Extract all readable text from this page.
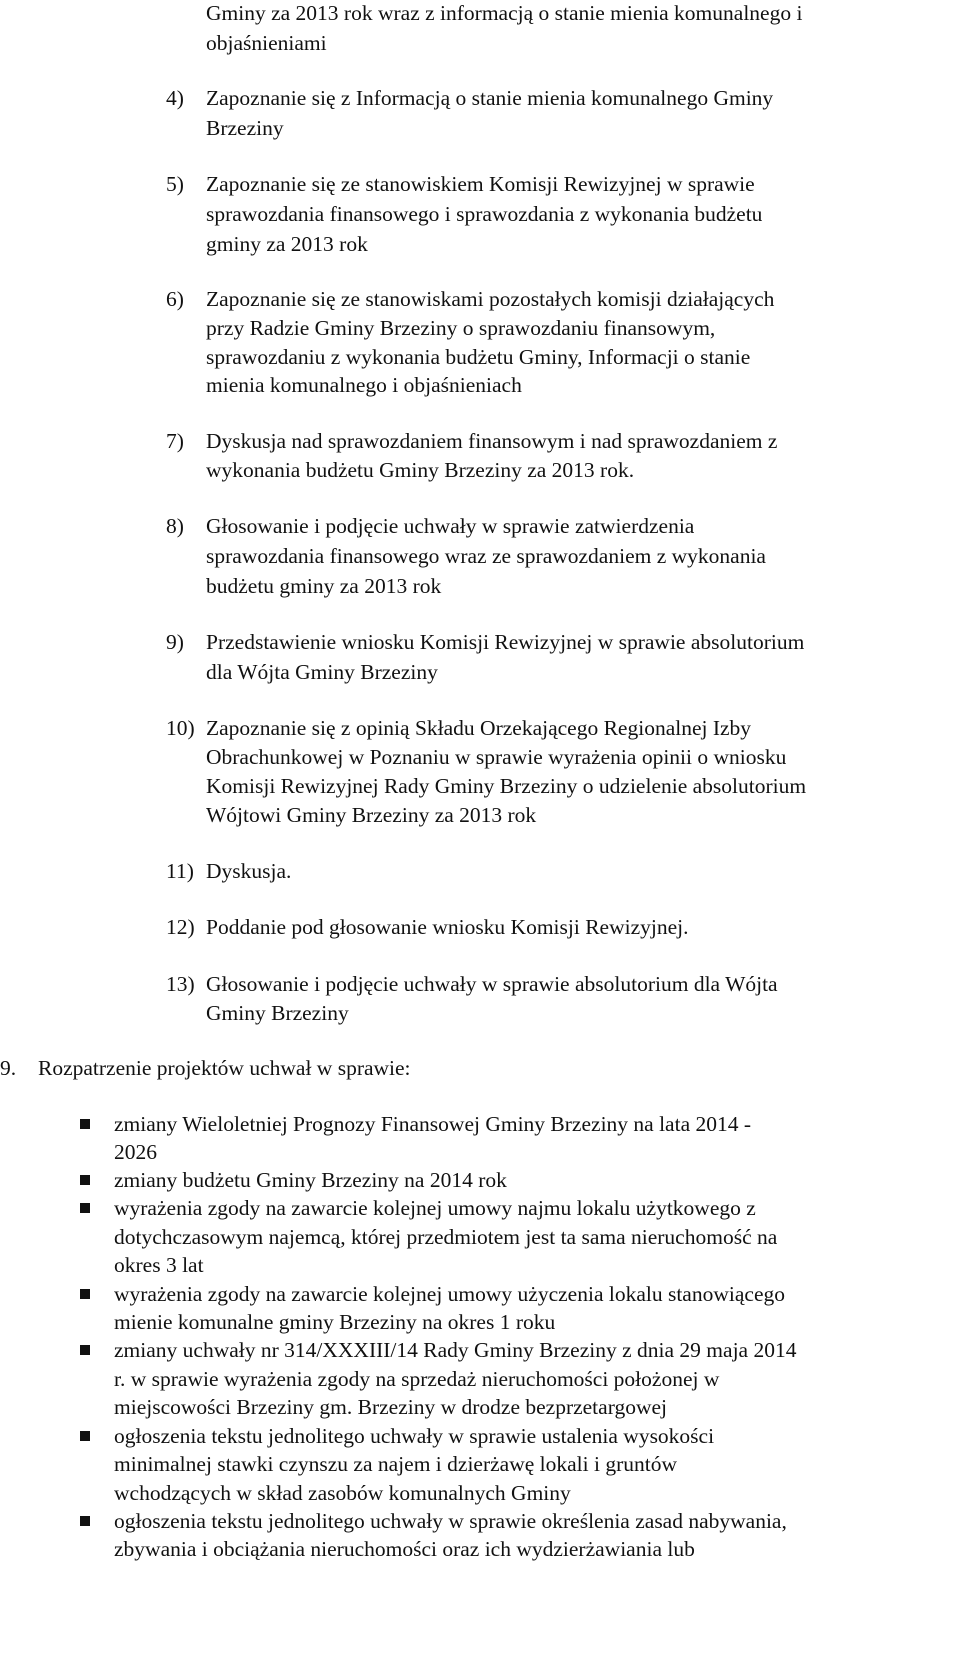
Gminy za 2013 rok wraz z informacją o stanie mienia komunalnego i
objaśnieniami
4) Zapoznanie się z Informacją o stanie mienia komunalnego Gminy
Brzeziny
5) Zapoznanie się ze stanowiskiem Komisji Rewizyjnej w sprawie
sprawozdania finansowego i sprawozdania z wykonania budżetu
gminy za 2013 rok
6) Zapoznanie się ze stanowiskami pozostałych komisji działających
przy Radzie Gminy Brzeziny o sprawozdaniu finansowym,
sprawozdaniu z wykonania budżetu Gminy, Informacji o stanie
mienia komunalnego i objaśnieniach
7) Dyskusja nad sprawozdaniem finansowym i nad sprawozdaniem z
wykonania budżetu Gminy Brzeziny za 2013 rok.
8) Głosowanie i podjęcie uchwały w sprawie zatwierdzenia
sprawozdania finansowego wraz ze sprawozdaniem z wykonania
budżetu gminy za 2013 rok
9) Przedstawienie wniosku Komisji Rewizyjnej w sprawie absolutorium
dla Wójta Gminy Brzeziny
10) Zapoznanie się z opinią Składu Orzekającego Regionalnej Izby
Obrachunkowej w Poznaniu w sprawie wyrażenia opinii o wniosku
Komisji Rewizyjnej Rady Gminy Brzeziny o udzielenie absolutorium
Wójtowi Gminy Brzeziny za 2013 rok
11) Dyskusja.
12) Poddanie pod głosowanie wniosku Komisji Rewizyjnej.
13) Głosowanie i podjęcie uchwały w sprawie absolutorium dla Wójta
Gminy Brzeziny
9. Rozpatrzenie projektów uchwał w sprawie:
zmiany Wieloletniej Prognozy Finansowej Gminy Brzeziny na lata 2014 -
2026
zmiany budżetu Gminy Brzeziny na 2014 rok
wyrażenia zgody na zawarcie kolejnej umowy najmu lokalu użytkowego z
dotychczasowym najemcą, której przedmiotem jest ta sama nieruchomość na
okres 3 lat
wyrażenia zgody na zawarcie kolejnej umowy użyczenia lokalu stanowiącego
mienie komunalne gminy Brzeziny na okres 1 roku
zmiany uchwały nr 314/XXXIII/14 Rady Gminy Brzeziny z dnia 29 maja 2014
r. w sprawie wyrażenia zgody na sprzedaż nieruchomości położonej w
miejscowości Brzeziny gm. Brzeziny w drodze bezprzetargowej
ogłoszenia tekstu jednolitego uchwały w sprawie ustalenia wysokości
minimalnej stawki czynszu za najem i dzierżawę lokali i gruntów
wchodzących w skład zasobów komunalnych Gminy
ogłoszenia tekstu jednolitego uchwały w sprawie określenia zasad nabywania,
zbywania i obciążania nieruchomości oraz ich wydzierżawiania lub
